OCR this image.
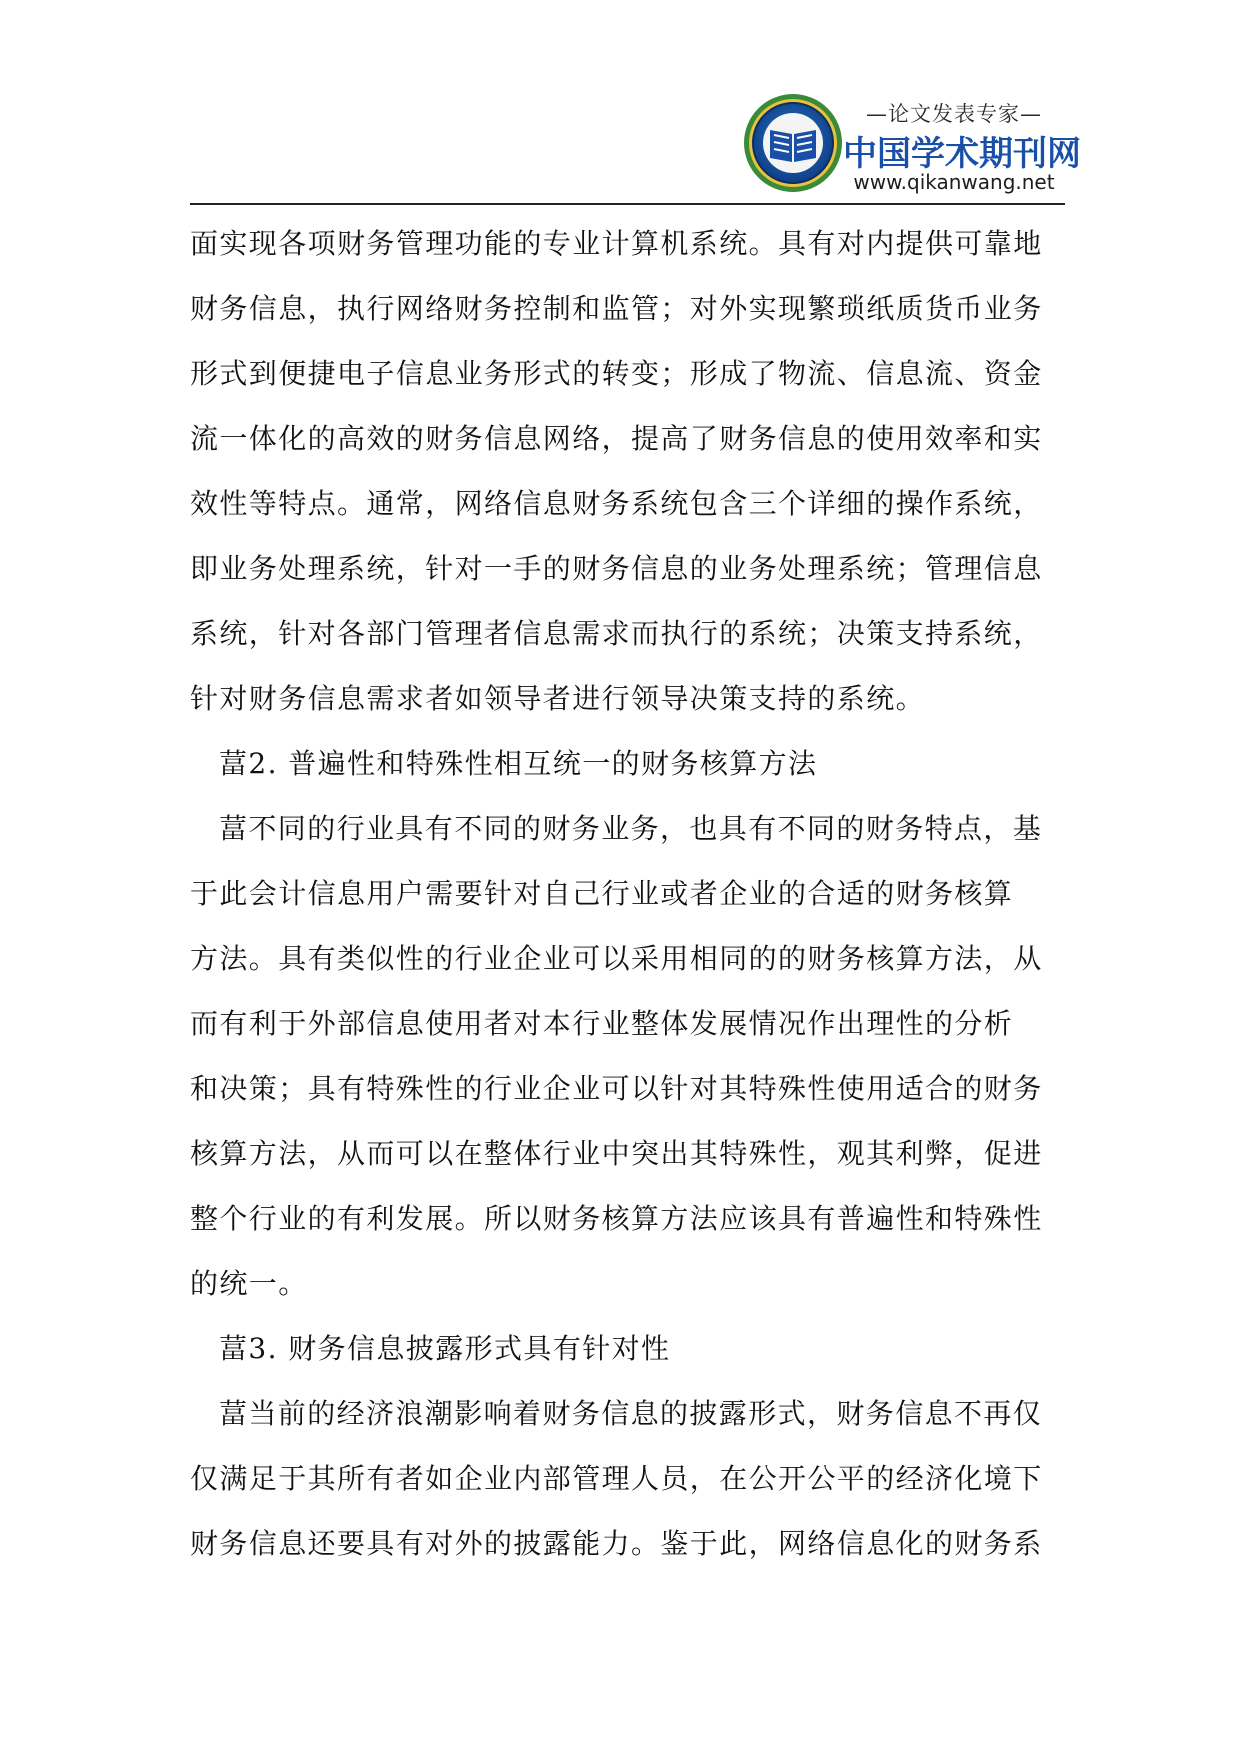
—论文发表专家—
中国学术期刊网
www.qikanwang.net
面实现各项财务管理功能的专业计算机系统。具有对内提供可靠地
财务信息，执行网络财务控制和监管；对外实现繁琐纸质货币业务
形式到便捷电子信息业务形式的转变；形成了物流、信息流、资金
流一体化的高效的财务信息网络，提高了财务信息的使用效率和实
效性等特点。通常，网络信息财务系统包含三个详细的操作系统，
即业务处理系统，针对一手的财务信息的业务处理系统；管理信息
系统，针对各部门管理者信息需求而执行的系统；决策支持系统，
针对财务信息需求者如领导者进行领导决策支持的系统。
葍2. 普遍性和特殊性相互统一的财务核算方法
葍不同的行业具有不同的财务业务，也具有不同的财务特点，基
于此会计信息用户需要针对自己行业或者企业的合适的财务核算
方法。具有类似性的行业企业可以采用相同的的财务核算方法，从
而有利于外部信息使用者对本行业整体发展情况作出理性的分析
和决策；具有特殊性的行业企业可以针对其特殊性使用适合的财务
核算方法，从而可以在整体行业中突出其特殊性，观其利弊，促进
整个行业的有利发展。所以财务核算方法应该具有普遍性和特殊性
的统一。
葍3. 财务信息披露形式具有针对性
葍当前的经济浪潮影响着财务信息的披露形式，财务信息不再仅
仅满足于其所有者如企业内部管理人员，在公开公平的经济化境下
财务信息还要具有对外的披露能力。鉴于此，网络信息化的财务系
